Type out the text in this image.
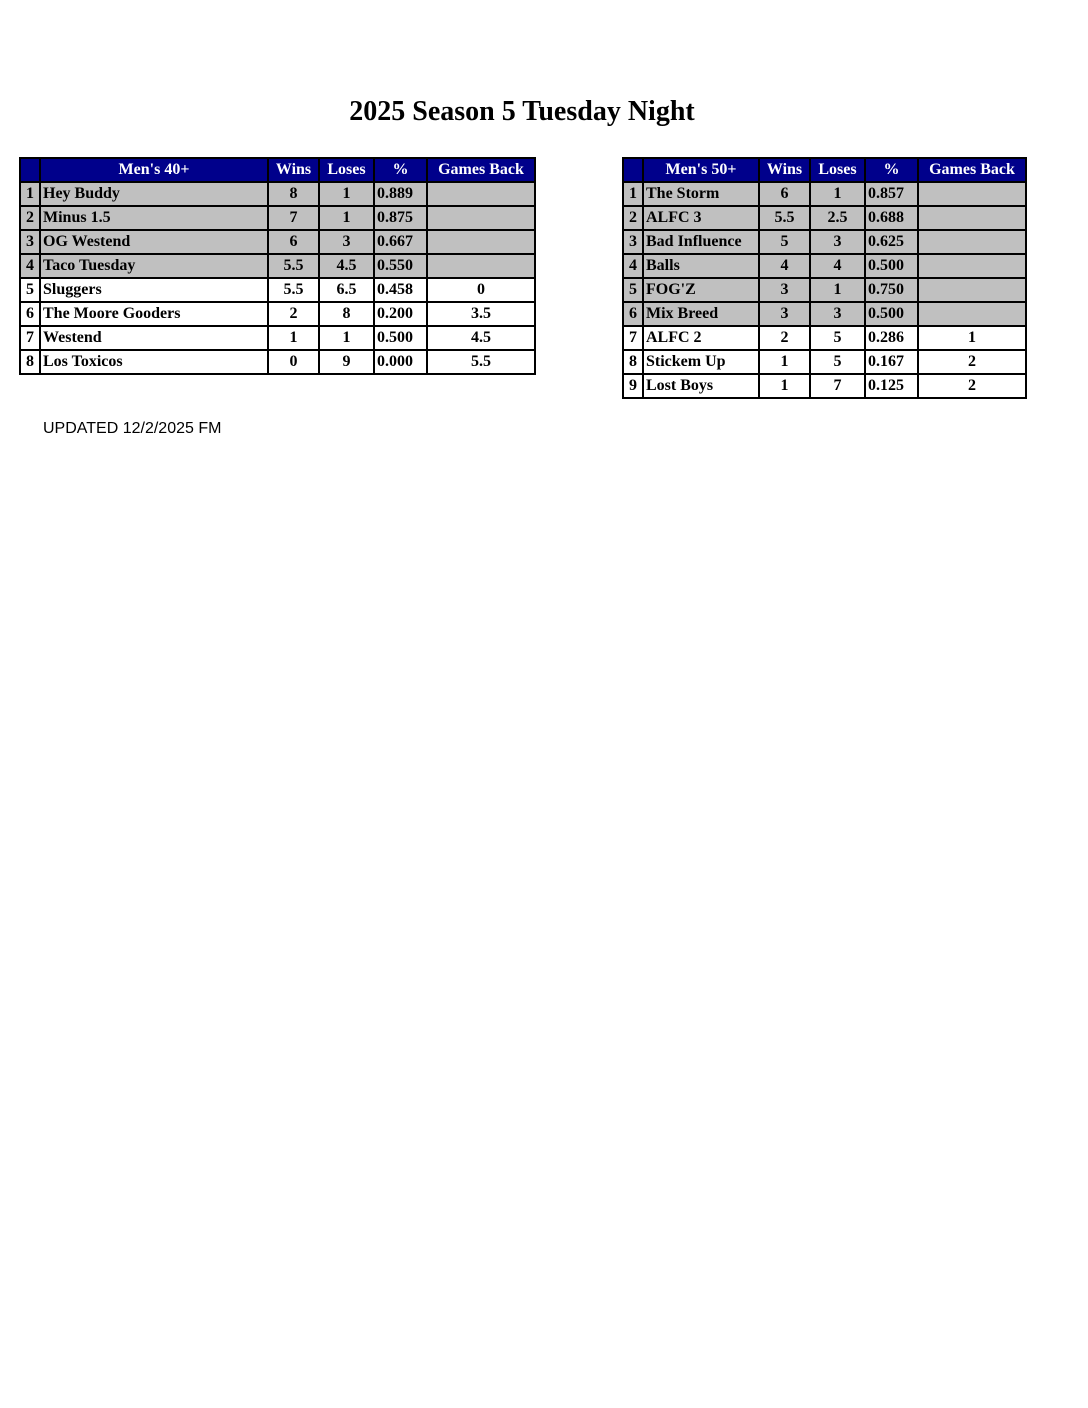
2025 Season 5 Tuesday Night
	Men's 40+	Wins	Loses	%	Games Back
1	Hey Buddy	8	1	0.889	
2	Minus 1.5	7	1	0.875	
3	OG Westend	6	3	0.667	
4	Taco Tuesday	5.5	4.5	0.550	
5	Sluggers	5.5	6.5	0.458	0
6	The Moore Gooders	2	8	0.200	3.5
7	Westend	1	1	0.500	4.5
8	Los Toxicos	0	9	0.000	5.5
	Men's 50+	Wins	Loses	%	Games Back
1	The Storm	6	1	0.857	
2	ALFC 3	5.5	2.5	0.688	
3	Bad Influence	5	3	0.625	
4	Balls	4	4	0.500	
5	FOG'Z	3	1	0.750	
6	Mix Breed	3	3	0.500	
7	ALFC 2	2	5	0.286	1
8	Stickem Up	1	5	0.167	2
9	Lost Boys	1	7	0.125	2
UPDATED 12/2/2025 FM
